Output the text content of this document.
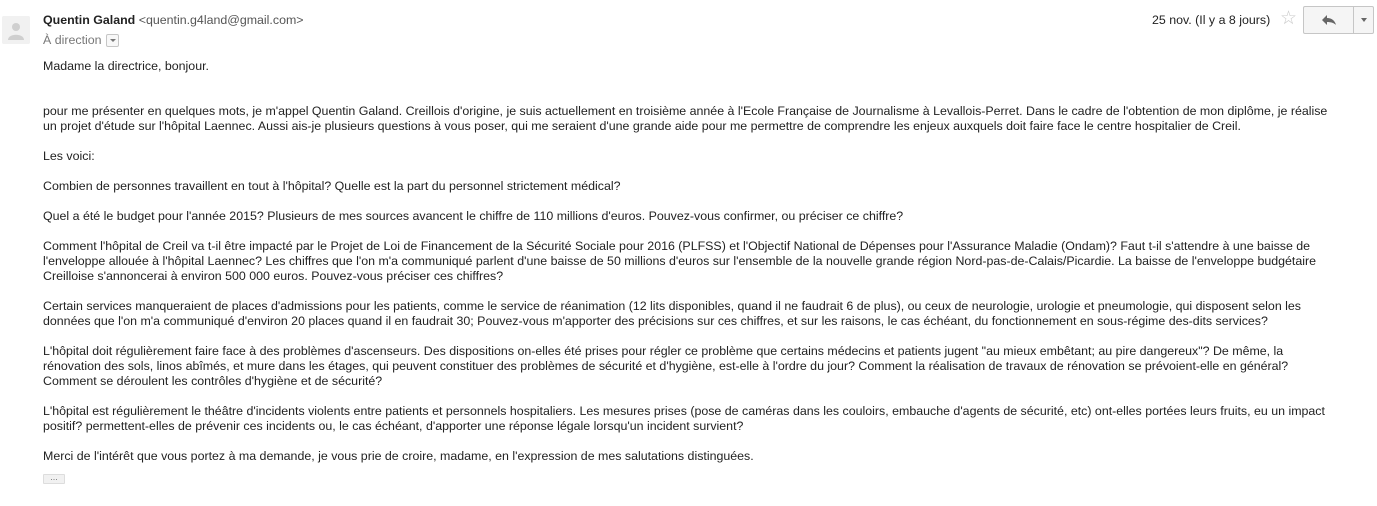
Quentin Galand <quentin.g4land@gmail.com>
À direction
25 nov. (Il y a 8 jours) ☆

Madame la directrice, bonjour.

pour me présenter en quelques mots, je m'appel Quentin Galand. Creillois d'origine, je suis actuellement en troisième année à l'Ecole Française de Journalisme à Levallois-Perret. Dans le cadre de l'obtention de mon diplôme, je réalise un projet d'étude sur l'hôpital Laennec. Aussi ais-je plusieurs questions à vous poser, qui me seraient d'une grande aide pour me permettre de comprendre les enjeux auxquels doit faire face le centre hospitalier de Creil.

Les voici:

Combien de personnes travaillent en tout à l'hôpital? Quelle est la part du personnel strictement médical?

Quel a été le budget pour l'année 2015? Plusieurs de mes sources avancent le chiffre de 110 millions d'euros. Pouvez-vous confirmer, ou préciser ce chiffre?

Comment l'hôpital de Creil va t-il être impacté par le Projet de Loi de Financement de la Sécurité Sociale pour 2016 (PLFSS) et l'Objectif National de Dépenses pour l'Assurance Maladie (Ondam)? Faut t-il s'attendre à une baisse de l'enveloppe allouée à l'hôpital Laennec? Les chiffres que l'on m'a communiqué parlent d'une baisse de 50 millions d'euros sur l'ensemble de la nouvelle grande région Nord-pas-de-Calais/Picardie. La baisse de l'enveloppe budgétaire Creilloise s'annoncerai à environ 500 000 euros. Pouvez-vous préciser ces chiffres?

Certain services manqueraient de places d'admissions pour les patients, comme le service de réanimation (12 lits disponibles, quand il ne faudrait 6 de plus), ou ceux de neurologie, urologie et pneumologie, qui disposent selon les données que l'on m'a communiqué d'environ 20 places quand il en faudrait 30; Pouvez-vous m'apporter des précisions sur ces chiffres, et sur les raisons, le cas échéant, du fonctionnement en sous-régime des-dits services?

L'hôpital doit régulièrement faire face à des problèmes d'ascenseurs. Des dispositions on-elles été prises pour régler ce problème que certains médecins et patients jugent "au mieux embêtant; au pire dangereux"? De même, la rénovation des sols, linos abîmés, et mure dans les étages, qui peuvent constituer des problèmes de sécurité et d'hygiène, est-elle à l'ordre du jour? Comment la réalisation de travaux de rénovation se prévoient-elle en général? Comment se déroulent les contrôles d'hygiène et de sécurité?

L'hôpital est régulièrement le théâtre d'incidents violents entre patients et personnels hospitaliers. Les mesures prises (pose de caméras dans les couloirs, embauche d'agents de sécurité, etc) ont-elles portées leurs fruits, eu un impact positif? permettent-elles de prévenir ces incidents ou, le cas échéant, d'apporter une réponse légale lorsqu'un incident survient?

Merci de l'intérêt que vous portez à ma demande, je vous prie de croire, madame, en l'expression de mes salutations distinguées.

...
